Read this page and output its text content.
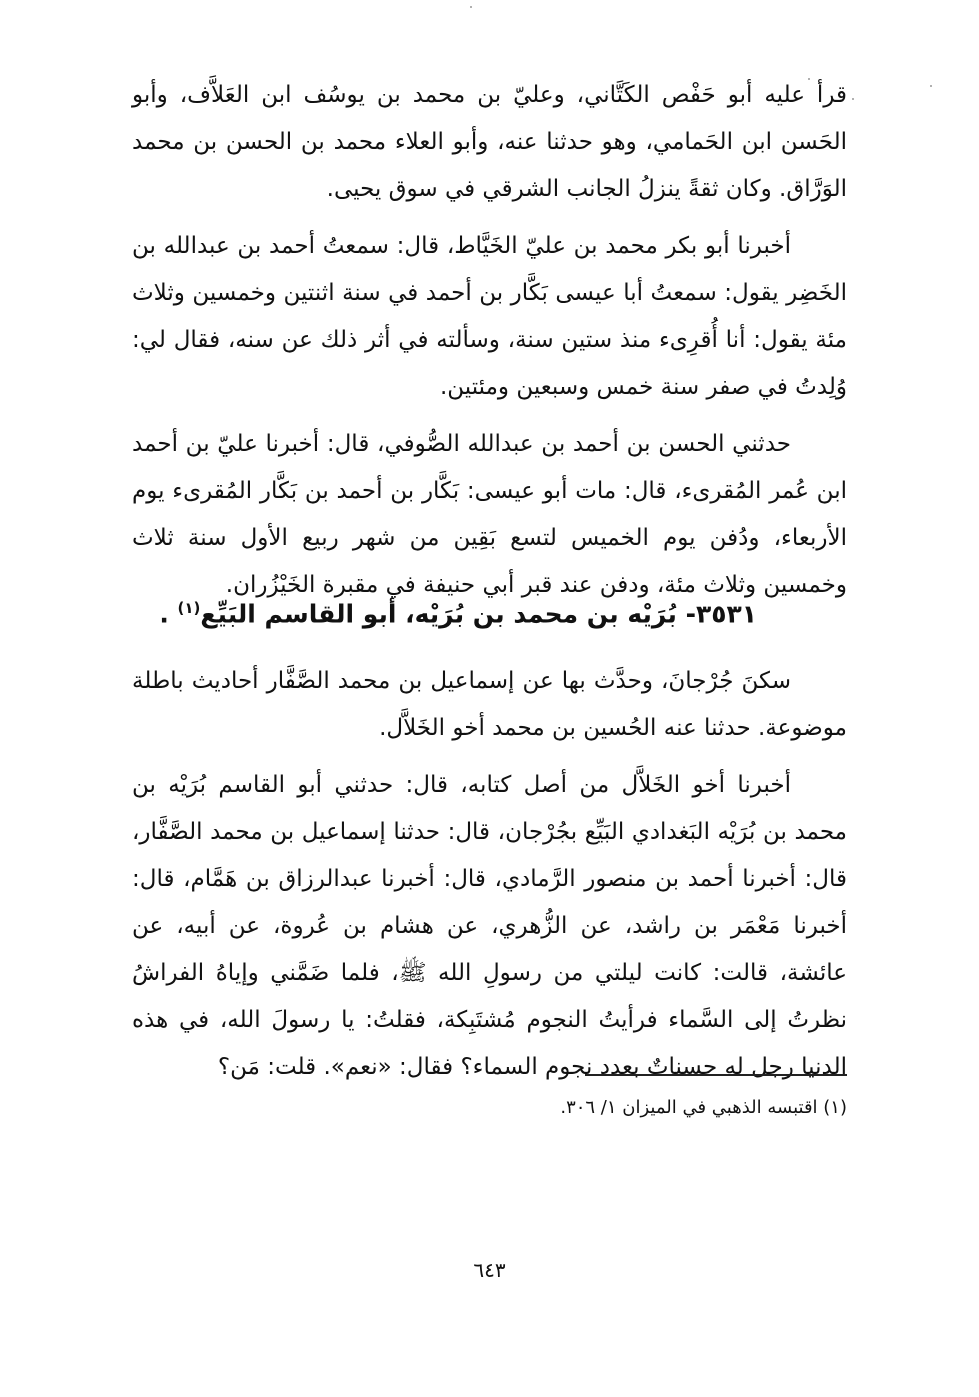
قرأ عليه أبو حَفْص الكَتَّاني، وعليّ بن محمد بن يوسُف ابن العَلاَّف، وأبو الحَسن ابن الحَمامي، وهو حدثنا عنه، وأبو العلاء محمد بن الحسن بن محمد الوَرَّاق. وكان ثقةً ينزلُ الجانب الشرقي في سوق يحيى.

أخبرنا أبو بكر محمد بن عليّ الخَيَّاط، قال: سمعتُ أحمد بن عبدالله بن الخَضِر يقول: سمعتُ أبا عيسى بَكَّار بن أحمد في سنة اثنتين وخمسين وثلاث مئة يقول: أنا أُقرِىء منذ ستين سنة، وسألته في أثر ذلك عن سنه، فقال لي: وُلِدتُ في صفر سنة خمس وسبعين ومئتين.

حدثني الحسن بن أحمد بن عبدالله الصُّوفي، قال: أخبرنا عليّ بن أحمد ابن عُمر المُقرىء، قال: مات أبو عيسى: بَكَّار بن أحمد بن بَكَّار المُقرىء يوم الأربعاء، ودُفن يوم الخميس لتسع بَقِين من شهر ربيع الأول سنة ثلاث وخمسين وثلاث مئة، ودفن عند قبر أبي حنيفة في مقبرة الخَيْزُران.

٣٥٣١- بُرَيْه بن محمد بن بُرَيْه، أبو القاسم البَيِّع$^{(١)}$ .

سكنَ جُرْجانَ، وحدَّث بها عن إسماعيل بن محمد الصَّفَّار أحاديث باطلة موضوعة. حدثنا عنه الحُسين بن محمد أخو الخَلاَّل.

أخبرنا أخو الخَلاَّل من أصل كتابه، قال: حدثني أبو القاسم بُرَيْه بن محمد بن بُرَيْه البَغدادي البَيِّع بجُرْجان، قال: حدثنا إسماعيل بن محمد الصَّفَّار، قال: أخبرنا أحمد بن منصور الرَّمادي، قال: أخبرنا عبدالرزاق بن هَمَّام، قال: أخبرنا مَعْمَر بن راشد، عن الزُّهري، عن هشام بن عُروة، عن أبيه، عن عائشة، قالت: كانت ليلتي من رسولِ الله ﷺ، فلما ضَمَّني وإياهُ الفراشُ نظرتُ إلى السَّماء فرأيتُ النجوم مُشتَبِكة، فقلتُ: يا رسولَ الله، في هذه الدنيا رجل له حسناتٌ بعدد نجوم السماء؟ فقال: «نعم». قلت: مَن؟

(١) اقتبسه الذهبي في الميزان ١/ ٣٠٦.
٦٤٣
